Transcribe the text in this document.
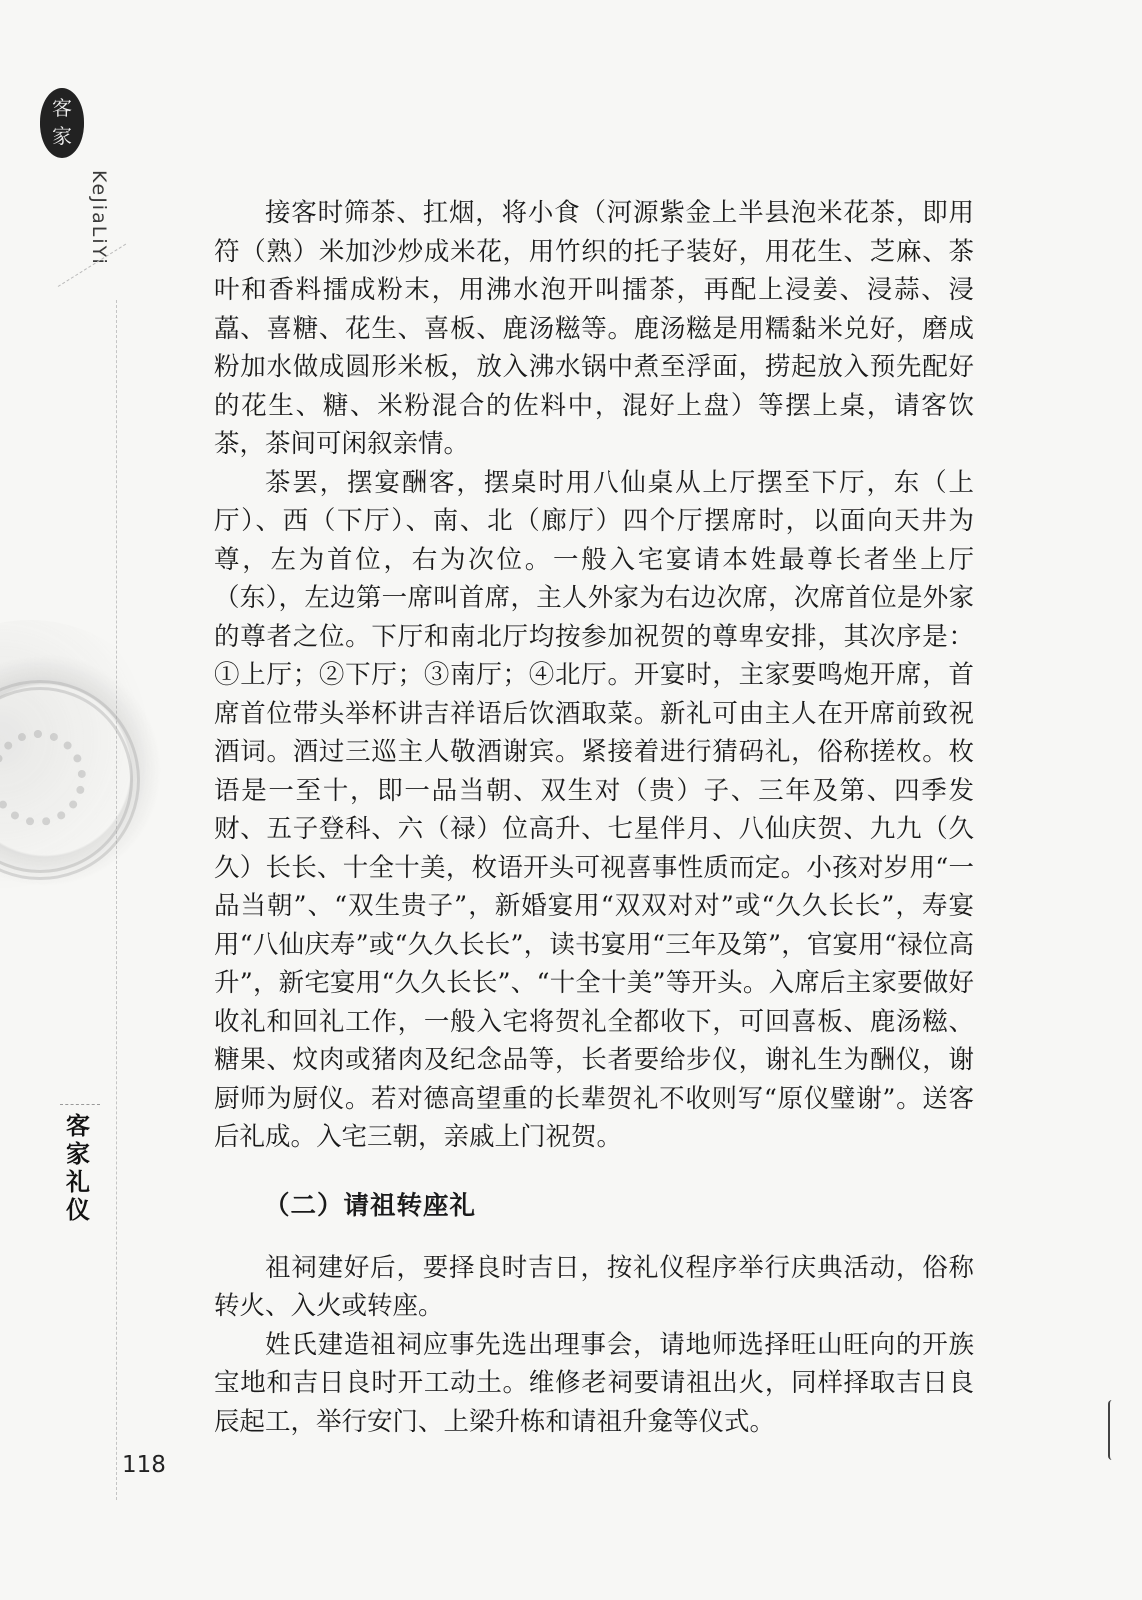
客
家
KeJiaLiYi
客
家
礼
仪

接客时筛茶、扛烟，将小食（河源紫金上半县泡米花茶，即用符（熟）米加沙炒成米花，用竹织的托子装好，用花生、芝麻、茶叶和香料擂成粉末，用沸水泡开叫擂茶，再配上浸姜、浸蒜、浸藠、喜糖、花生、喜板、鹿汤糍等。鹿汤糍是用糯黏米兑好，磨成粉加水做成圆形米板，放入沸水锅中煮至浮面，捞起放入预先配好的花生、糖、米粉混合的佐料中，混好上盘）等摆上桌，请客饮茶，茶间可闲叙亲情。

茶罢，摆宴酬客，摆桌时用八仙桌从上厅摆至下厅，东（上厅）、西（下厅）、南、北（廊厅）四个厅摆席时，以面向天井为尊，左为首位，右为次位。一般入宅宴请本姓最尊长者坐上厅（东），左边第一席叫首席，主人外家为右边次席，次席首位是外家的尊者之位。下厅和南北厅均按参加祝贺的尊卑安排，其次序是：①上厅；②下厅；③南厅；④北厅。开宴时，主家要鸣炮开席，首席首位带头举杯讲吉祥语后饮酒取菜。新礼可由主人在开席前致祝酒词。酒过三巡主人敬酒谢宾。紧接着进行猜码礼，俗称搓枚。枚语是一至十，即一品当朝、双生对（贵）子、三年及第、四季发财、五子登科、六（禄）位高升、七星伴月、八仙庆贺、九九（久久）长长、十全十美，枚语开头可视喜事性质而定。小孩对岁用“一品当朝”、“双生贵子”，新婚宴用“双双对对”或“久久长长”，寿宴用“八仙庆寿”或“久久长长”，读书宴用“三年及第”，官宴用“禄位高升”，新宅宴用“久久长长”、“十全十美”等开头。入席后主家要做好收礼和回礼工作，一般入宅将贺礼全都收下，可回喜板、鹿汤糍、糖果、炆肉或猪肉及纪念品等，长者要给步仪，谢礼生为酬仪，谢厨师为厨仪。若对德高望重的长辈贺礼不收则写“原仪璧谢”。送客后礼成。入宅三朝，亲戚上门祝贺。

（二）请祖转座礼

祖祠建好后，要择良时吉日，按礼仪程序举行庆典活动，俗称转火、入火或转座。

姓氏建造祖祠应事先选出理事会，请地师选择旺山旺向的开族宝地和吉日良时开工动土。维修老祠要请祖出火，同样择取吉日良辰起工，举行安门、上梁升栋和请祖升龛等仪式。

118
